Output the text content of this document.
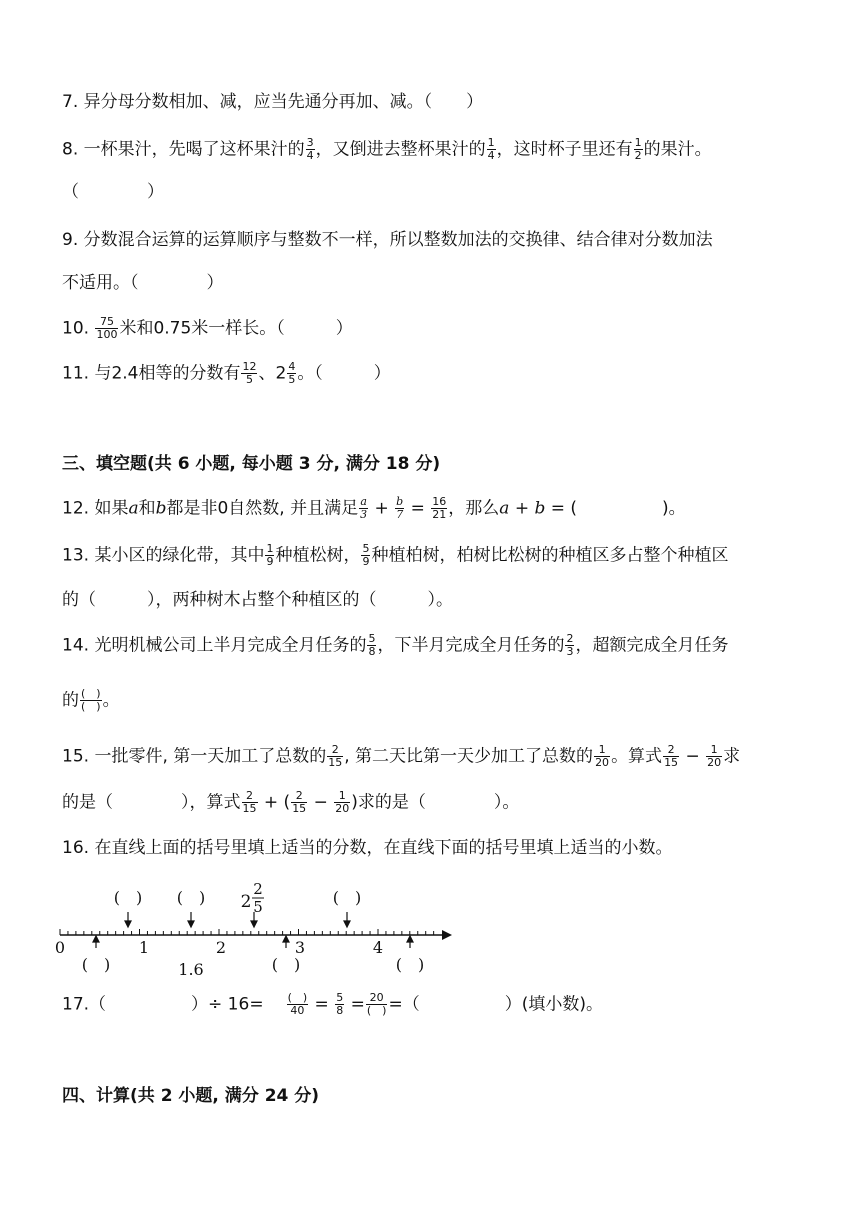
7. 异分母分数相加、减，应当先通分再加、减。（　　）
8. 一杯果汁，先喝了这杯果汁的 $\frac{3}{4}$ ，又倒进去整杯果汁的 $\frac{1}{4}$ ，这时杯子里还有 $\frac{1}{2}$ 的果汁。
（　　　　）
9. 分数混合运算的运算顺序与整数不一样，所以整数加法的交换律、结合律对分数加法
不适用。（　　　　）
10. $\frac{75}{100}$ 米和0.75米一样长。（　　　）
11. 与2.4相等的分数有 $\frac{12}{5}$ 、$2 \frac{4}{5}$ 。（　　　）
三、填空题(共 6 小题, 每小题 3 分, 满分 18 分)
12. 如果a和b都是非0自然数, 并且满足 $\frac{a}{3} + \frac{b}{7} = \frac{16}{21}$ ，那么a + b = (　　　　　)。
13. 某小区的绿化带，其中 $\frac{1}{9}$ 种植松树， $\frac{5}{9}$ 种植柏树，柏树比松树的种植区多占整个种植区
的（　　　），两种树木占整个种植区的（　　　）。
14. 光明机械公司上半月完成全月任务的 $\frac{5}{8}$ ，下半月完成全月任务的 $\frac{2}{3}$ ，超额完成全月任务
的 $\frac{( )}{( )}$ 。
15. 一批零件, 第一天加工了总数的 $\frac{2}{15}$ , 第二天比第一天少加工了总数的 $\frac{1}{20}$ 。算式 $\frac{2}{15} - \frac{1}{20}$ 求
的是（　　　　），算式 $\frac{2}{15}$ + ( $\frac{2}{15} - \frac{1}{20}$ )求的是（　　　　）。
16. 在直线上面的括号里填上适当的分数，在直线下面的括号里填上适当的小数。
0	1	2	3	4
1.6
(　) (　)	(　)
2
2
5
(　)	(　)	(　)
17.（　　　　　）÷ $16= \frac{( )}{40} = \frac{5}{8} = \frac{20}{( )}$ =（　　　　　）(填小数)。
四、计算(共 2 小题, 满分 24 分)
